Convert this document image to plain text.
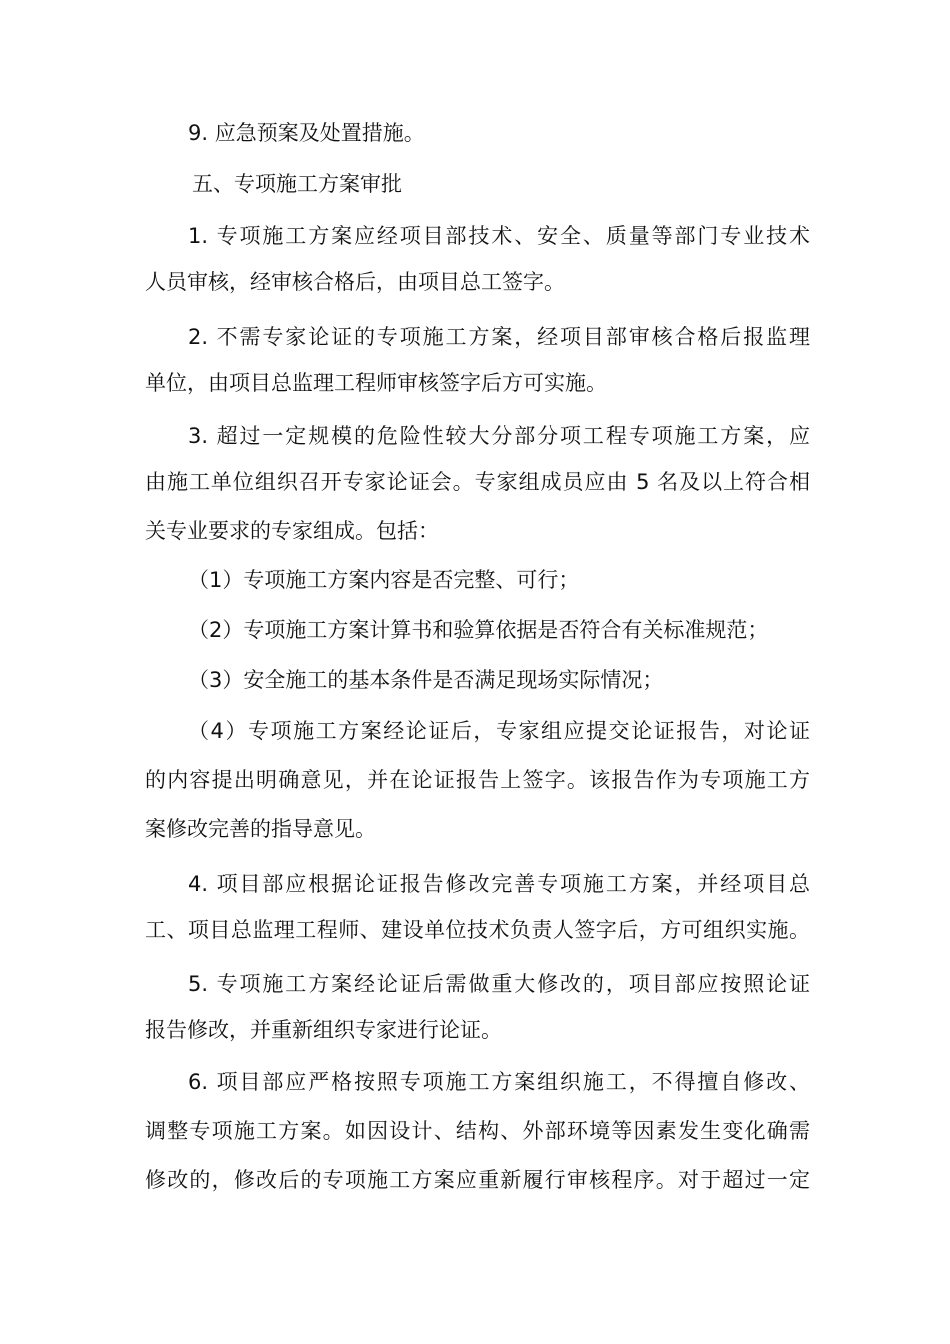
9. 应急预案及处置措施。
五、专项施工方案审批
1. 专项施工方案应经项目部技术、安全、质量等部门专业技术
人员审核，经审核合格后，由项目总工签字。
2. 不需专家论证的专项施工方案，经项目部审核合格后报监理
单位，由项目总监理工程师审核签字后方可实施。
3. 超过一定规模的危险性较大分部分项工程专项施工方案，应
由施工单位组织召开专家论证会。专家组成员应由 5 名及以上符合相
关专业要求的专家组成。包括：
（1）专项施工方案内容是否完整、可行；
（2）专项施工方案计算书和验算依据是否符合有关标准规范；
（3）安全施工的基本条件是否满足现场实际情况；
（4）专项施工方案经论证后，专家组应提交论证报告，对论证
的内容提出明确意见，并在论证报告上签字。该报告作为专项施工方
案修改完善的指导意见。
4. 项目部应根据论证报告修改完善专项施工方案，并经项目总
工、项目总监理工程师、建设单位技术负责人签字后，方可组织实施。
5. 专项施工方案经论证后需做重大修改的，项目部应按照论证
报告修改，并重新组织专家进行论证。
6. 项目部应严格按照专项施工方案组织施工，不得擅自修改、
调整专项施工方案。如因设计、结构、外部环境等因素发生变化确需
修改的，修改后的专项施工方案应重新履行审核程序。对于超过一定
